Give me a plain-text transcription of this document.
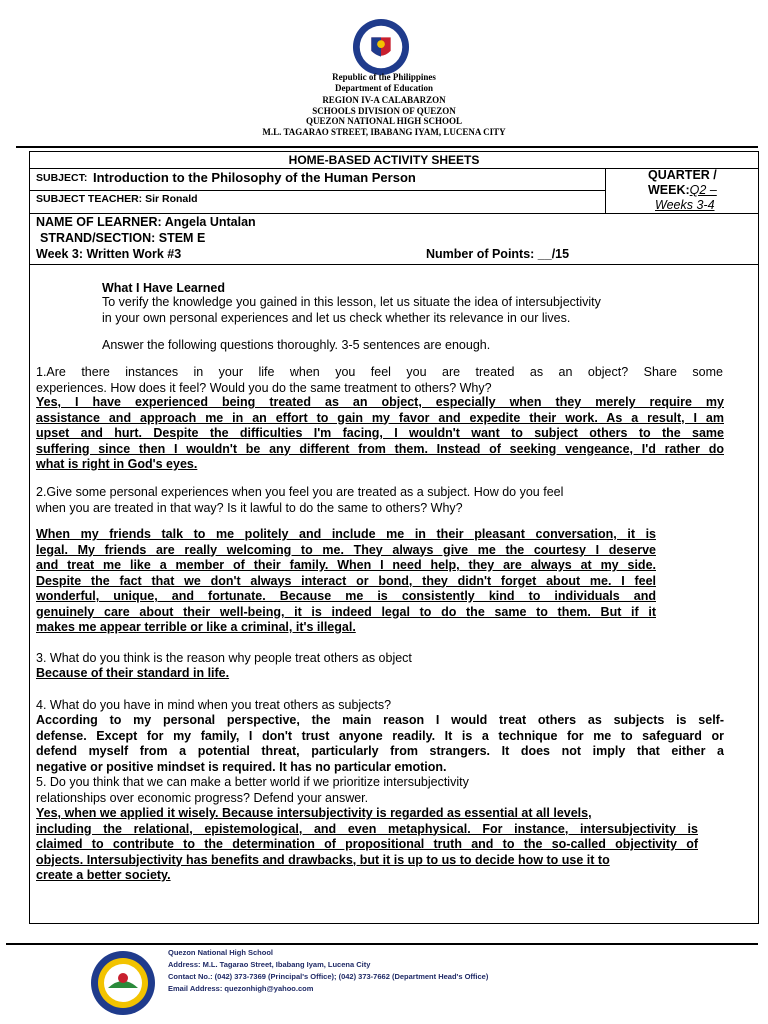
Republic of the Philippines
Department of Education
REGION IV-A CALABARZON
SCHOOLS DIVISION OF QUEZON
QUEZON NATIONAL HIGH SCHOOL
M.L. TAGARAO STREET, IBABANG IYAM, LUCENA CITY
HOME-BASED ACTIVITY SHEETS
SUBJECT: Introduction to the Philosophy of the Human Person
SUBJECT TEACHER: Sir Ronald
QUARTER /
WEEK:Q2 –
Weeks 3-4
NAME OF LEARNER: Angela Untalan
STRAND/SECTION: STEM E
Week 3: Written Work #3	Number of Points: __/15
What I Have Learned
To verify the knowledge you gained in this lesson, let us situate the idea of intersubjectivity
in your own personal experiences and let us check whether its relevance in our lives.
Answer the following questions thoroughly. 3-5 sentences are enough.
1.Are there instances in your life when you feel you are treated as an object? Share some
experiences. How does it feel? Would you do the same treatment to others? Why?
Yes, I have experienced being treated as an object, especially when they merely require my
assistance and approach me in an effort to gain my favor and expedite their work. As a result, I am
upset and hurt. Despite the difficulties I'm facing, I wouldn't want to subject others to the same
suffering since then I wouldn't be any different from them. Instead of seeking vengeance, I'd rather do
what is right in God's eyes.
2.Give some personal experiences when you feel you are treated as a subject. How do you feel
when you are treated in that way? Is it lawful to do the same to others? Why?
When my friends talk to me politely and include me in their pleasant conversation, it is
legal. My friends are really welcoming to me. They always give me the courtesy I deserve
and treat me like a member of their family. When I need help, they are always at my side.
Despite the fact that we don't always interact or bond, they didn't forget about me. I feel
wonderful, unique, and fortunate. Because me is consistently kind to individuals and
genuinely care about their well-being, it is indeed legal to do the same to them. But if it
makes me appear terrible or like a criminal, it's illegal.
3. What do you think is the reason why people treat others as object
Because of their standard in life.
4. What do you have in mind when you treat others as subjects?
According to my personal perspective, the main reason I would treat others as subjects is self-
defense. Except for my family, I don't trust anyone readily. It is a technique for me to safeguard or
defend myself from a potential threat, particularly from strangers. It does not imply that either a
negative or positive mindset is required. It has no particular emotion.
5. Do you think that we can make a better world if we prioritize intersubjectivity
relationships over economic progress? Defend your answer.
Yes, when we applied it wisely. Because intersubjectivity is regarded as essential at all levels,
including the relational, epistemological, and even metaphysical. For instance, intersubjectivity is
claimed to contribute to the determination of propositional truth and to the so-called objectivity of
objects. Intersubjectivity has benefits and drawbacks, but it is up to us to decide how to use it to
create a better society.
Quezon National High School
Address: M.L. Tagarao Street, Ibabang Iyam, Lucena City
Contact No.: (042) 373-7369 (Principal's Office); (042) 373-7662 (Department Head's Office)
Email Address: quezonhigh@yahoo.com
